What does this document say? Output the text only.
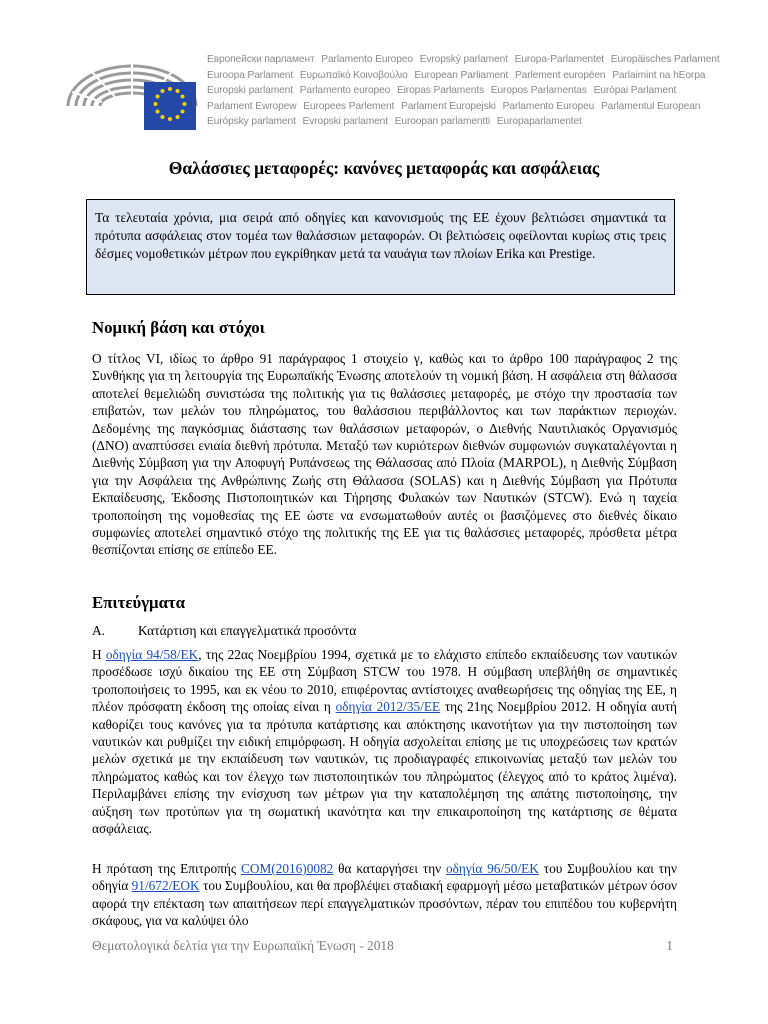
Европейски парламент Parlamento Europeo Evropský parlament Europa-Parlamentet Europäisches Parlament
Euroopa Parlament Ευρωπαϊκό Κοινοβούλιο European Parliament Parlement européen Parlaimint na hEorpa
Europski parlament Parlamento europeo Eiropas Parlaments Europos Parlamentas Európai Parlament
Parlament Ewropew Europees Parlement Parlament Europejski Parlamento Europeu Parlamentul European
Európsky parlament Evropski parlament Euroopan parlamentti Europaparlamentet
Θαλάσσιες μεταφορές: κανόνες μεταφοράς και ασφάλειας
Τα τελευταία χρόνια, μια σειρά από οδηγίες και κανονισμούς της ΕΕ έχουν βελτιώσει σημαντικά τα πρότυπα ασφάλειας στον τομέα των θαλάσσιων μεταφορών. Οι βελτιώσεις οφείλονται κυρίως στις τρεις δέσμες νομοθετικών μέτρων που εγκρίθηκαν μετά τα ναυάγια των πλοίων Erika και Prestige.
Νομική βάση και στόχοι
Ο τίτλος VI, ιδίως το άρθρο 91 παράγραφος 1 στοιχείο γ, καθώς και το άρθρο 100 παράγραφος 2 της Συνθήκης για τη λειτουργία της Ευρωπαϊκής Ένωσης αποτελούν τη νομική βάση. Η ασφάλεια στη θάλασσα αποτελεί θεμελιώδη συνιστώσα της πολιτικής για τις θαλάσσιες μεταφορές, με στόχο την προστασία των επιβατών, των μελών του πληρώματος, του θαλάσσιου περιβάλλοντος και των παράκτιων περιοχών. Δεδομένης της παγκόσμιας διάστασης των θαλάσσιων μεταφορών, ο Διεθνής Ναυτιλιακός Οργανισμός (ΔΝΟ) αναπτύσσει ενιαία διεθνή πρότυπα. Μεταξύ των κυριότερων διεθνών συμφωνιών συγκαταλέγονται η Διεθνής Σύμβαση για την Αποφυγή Ρυπάνσεως της Θάλασσας από Πλοία (MARPOL), η Διεθνής Σύμβαση για την Ασφάλεια της Ανθρώπινης Ζωής στη Θάλασσα (SOLAS) και η Διεθνής Σύμβαση για Πρότυπα Εκπαίδευσης, Έκδοσης Πιστοποιητικών και Τήρησης Φυλακών των Ναυτικών (STCW). Ενώ η ταχεία τροποποίηση της νομοθεσίας της ΕΕ ώστε να ενσωματωθούν αυτές οι βασιζόμενες στο διεθνές δίκαιο συμφωνίες αποτελεί σημαντικό στόχο της πολιτικής της ΕΕ για τις θαλάσσιες μεταφορές, πρόσθετα μέτρα θεσπίζονται επίσης σε επίπεδο ΕΕ.
Επιτεύγματα
A. Κατάρτιση και επαγγελματικά προσόντα
Η οδηγία 94/58/ΕΚ, της 22ας Νοεμβρίου 1994, σχετικά με το ελάχιστο επίπεδο εκπαίδευσης των ναυτικών προσέδωσε ισχύ δικαίου της ΕΕ στη Σύμβαση STCW του 1978. Η σύμβαση υπεβλήθη σε σημαντικές τροποποιήσεις το 1995, και εκ νέου το 2010, επιφέροντας αντίστοιχες αναθεωρήσεις της οδηγίας της ΕΕ, η πλέον πρόσφατη έκδοση της οποίας είναι η οδηγία 2012/35/ΕΕ της 21ης Νοεμβρίου 2012. Η οδηγία αυτή καθορίζει τους κανόνες για τα πρότυπα κατάρτισης και απόκτησης ικανοτήτων για την πιστοποίηση των ναυτικών και ρυθμίζει την ειδική επιμόρφωση. Η οδηγία ασχολείται επίσης με τις υποχρεώσεις των κρατών μελών σχετικά με την εκπαίδευση των ναυτικών, τις προδιαγραφές επικοινωνίας μεταξύ των μελών του πληρώματος καθώς και τον έλεγχο των πιστοποιητικών του πληρώματος (έλεγχος από το κράτος λιμένα). Περιλαμβάνει επίσης την ενίσχυση των μέτρων για την καταπολέμηση της απάτης πιστοποίησης, την αύξηση των προτύπων για τη σωματική ικανότητα και την επικαιροποίηση της κατάρτισης σε θέματα ασφάλειας.
Η πρόταση της Επιτροπής COM(2016)0082 θα καταργήσει την οδηγία 96/50/ΕΚ του Συμβουλίου και την οδηγία 91/672/ΕΟΚ του Συμβουλίου, και θα προβλέψει σταδιακή εφαρμογή μέσω μεταβατικών μέτρων όσον αφορά την επέκταση των απαιτήσεων περί επαγγελματικών προσόντων, πέραν του επιπέδου του κυβερνήτη σκάφους, για να καλύψει όλο
Θεματολογικά δελτία για την Ευρωπαϊκή Ένωση - 2018	1
